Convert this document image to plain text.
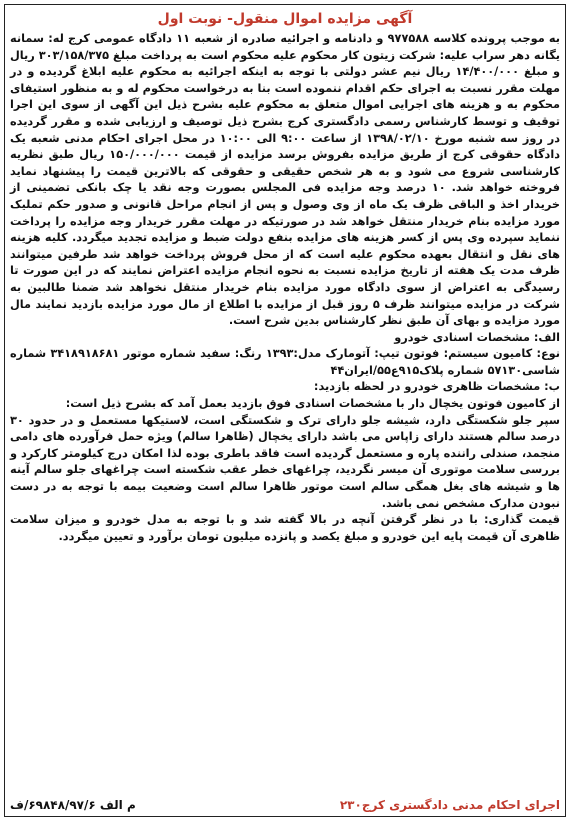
آگهی مزایده اموال منقول- نوبت اول

به موجب پرونده کلاسه ۹۷۷۵۸۸ و دادنامه و اجرائیه صادره از شعبه ۱۱ دادگاه عمومی کرج له: سمانه یگانه دهر سراب علیه: شرکت زیتون کار محکوم علیه محکوم است به پرداخت مبلغ ۳۰۳/۱۵۸/۳۷۵ ریال و مبلغ ۱۴/۴۰۰/۰۰۰ ریال نیم عشر دولتی با توجه به اینکه اجرائیه به محکوم علیه ابلاغ گردیده و در مهلت مقرر نسبت به اجرای حکم اقدام ننموده است بنا به درخواست محکوم له و به منظور استیفای محکوم به و هزینه های اجرایی اموال متعلق به محکوم علیه بشرح ذیل این آگهی از سوی این اجرا توقیف و توسط کارشناس رسمی دادگستری کرج بشرح ذیل توصیف و ارزیابی شده و مقرر گردیده در روز سه شنبه مورخ ۱۳۹۸/۰۲/۱۰ از ساعت ۹:۰۰ الی ۱۰:۰۰ در محل اجرای احکام مدنی شعبه یک دادگاه حقوقی کرج از طریق مزایده بفروش برسد مزایده از قیمت ۱۵۰/۰۰۰/۰۰۰ ریال طبق نظریه کارشناسی شروع می شود و به هر شخص حقیقی و حقوقی که بالاترین قیمت را پیشنهاد نماید فروخته خواهد شد. ۱۰ درصد وجه مزایده فی المجلس بصورت وجه نقد یا چک بانکی تضمینی از خریدار اخذ و الباقی ظرف یک ماه از وی وصول و پس از انجام مراحل قانونی و صدور حکم تملیک مورد مزایده بنام خریدار منتقل خواهد شد در صورتیکه در مهلت مقرر خریدار وجه مزایده را پرداخت ننماید سپرده وی پس از کسر هزینه های مزایده بنفع دولت ضبط و مزایده تجدید میگردد. کلیه هزینه های نقل و انتقال بعهده محکوم علیه است که از محل فروش پرداخت خواهد شد طرفین میتوانند ظرف مدت یک هفته از تاریخ مزایده نسبت به نحوه انجام مزایده اعتراض نمایند که در این صورت تا رسیدگی به اعتراض از سوی دادگاه مورد مزایده بنام خریدار منتقل نخواهد شد ضمنا طالبین به شرکت در مزایده میتوانند ظرف ۵ روز قبل از مزایده با اطلاع از مال مورد مزایده بازدید نمایند مال مورد مزایده و بهای آن طبق نظر کارشناس بدین شرح است.

الف: مشخصات اسنادی خودرو

نوع: کامیون سیستم: فوتون تیپ: آتومارک مدل:۱۳۹۳ رنگ: سفید شماره موتور ۳۴۱۸۹۱۸۶۸۱ شماره شاسی۵۷۱۳۰ شماره پلاک۹۱۵ع۵۵/ایران۴۴

ب: مشخصات ظاهری خودرو در لحظه بازدید:

از کامیون فوتون یخچال دار با مشخصات اسنادی فوق بازدید بعمل آمد که بشرح ذیل است:

سپر جلو شکستگی دارد، شیشه جلو دارای ترک و شکستگی است، لاستیکها مستعمل و در حدود ۳۰ درصد سالم هستند دارای زاپاس می باشد دارای یخچال (ظاهرا سالم) ویژه حمل فرآورده های دامی منجمد، صندلی راننده پاره و مستعمل گردیده است فاقد باطری بوده لذا امکان درج کیلومتر کارکرد و بررسی سلامت موتوری آن میسر نگردید، چراغهای خطر عقب شکسته است چراغهای جلو سالم آینه ها و شیشه های بغل همگی سالم است موتور ظاهرا سالم است وضعیت بیمه با توجه به در دست نبودن مدارک مشخص نمی باشد.

قیمت گذاری: با در نظر گرفتن آنچه در بالا گفته شد و با توجه به مدل خودرو و میزان سلامت ظاهری آن قیمت پایه این خودرو و مبلغ یکصد و پانزده میلیون تومان برآورد و تعیین میگردد.

اجرای احکام مدنی دادگستری کرج۲۳۰
م الف ۶۹۸۴۸/۹۷/۶/ف
